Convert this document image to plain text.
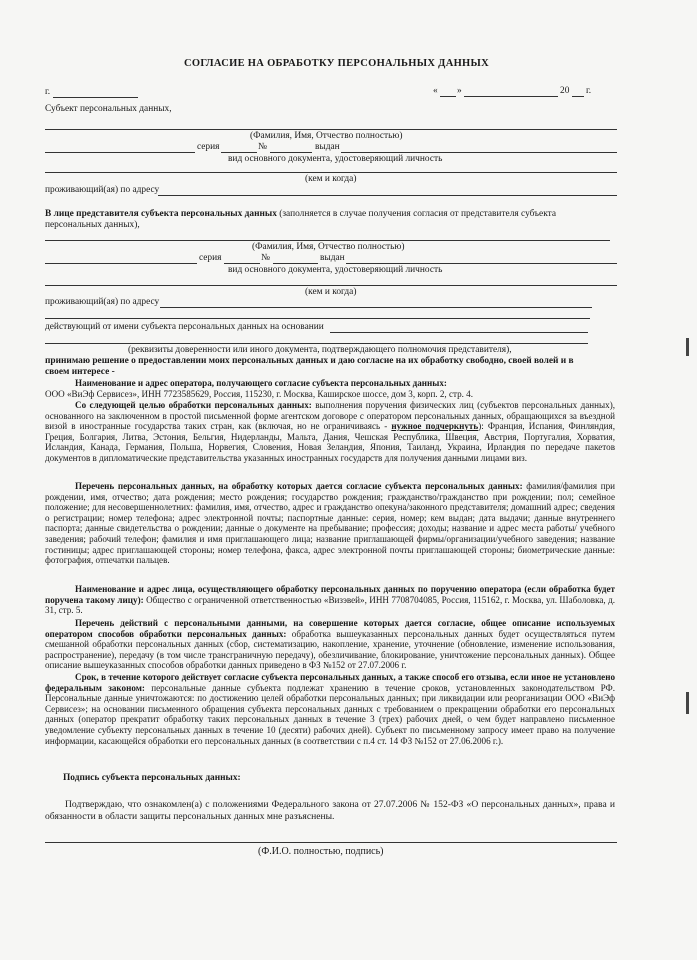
СОГЛАСИЕ НА ОБРАБОТКУ ПЕРСОНАЛЬНЫХ ДАННЫХ
г.	« »	20 г.
Субъект персональных данных,
(Фамилия, Имя, Отчество полностью)
серия	№	выдан
вид основного документа, удостоверяющий личность
(кем и когда)
проживающий(ая) по адресу
В лице представителя субъекта персональных данных (заполняется в случае получения согласия от представителя субъекта
персональных данных),
(Фамилия, Имя, Отчество полностью)
серия	№	выдан
вид основного документа, удостоверяющий личность
(кем и когда)
проживающий(ая) по адресу
действующий от имени субъекта персональных данных на основании
(реквизиты доверенности или иного документа, подтверждающего полномочия представителя),
принимаю решение о предоставлении моих персональных данных и даю согласие на их обработку свободно, своей волей и в
своем интересе -
Наименование и адрес оператора, получающего согласие субъекта персональных данных:
ООО «ВиЭф Сервисез», ИНН 7723585629, Россия, 115230, г. Москва, Каширское шоссе, дом 3, корп. 2, стр. 4.
Со следующей целью обработки персональных данных: выполнения поручения физических лиц (субъектов персональных данных), основанного на заключенном в простой письменной форме агентском договоре с оператором персональных данных, обращающихся за въездной визой в иностранные государства таких стран, как (включая, но не ограничиваясь - нужное подчеркнуть): Франция, Испания, Финляндия, Греция, Болгария, Литва, Эстония, Бельгия, Нидерланды, Мальта, Дания, Чешская Республика, Швеция, Австрия, Португалия, Хорватия, Исландия, Канада, Германия, Польша, Норвегия, Словения, Новая Зеландия, Япония, Таиланд, Украина, Ирландия по передаче пакетов документов в дипломатические представительства указанных иностранных государств для получения данными лицами виз.
Перечень персональных данных, на обработку которых дается согласие субъекта персональных данных: фамилия/фамилия при рождении, имя, отчество; дата рождения; место рождения; государство рождения; гражданство/гражданство при рождении; пол; семейное положение; для несовершеннолетних: фамилия, имя, отчество, адрес и гражданство опекуна/законного представителя; домашний адрес; сведения о регистрации; номер телефона; адрес электронной почты; паспортные данные: серия, номер; кем выдан; дата выдачи; данные внутреннего паспорта; данные свидетельства о рождении; данные о документе на пребывание; профессия; доходы; название и адрес места работы/ учебного заведения; рабочий телефон; фамилия и имя приглашающего лица; название приглашающей фирмы/организации/учебного заведения; название гостиницы; адрес приглашающей стороны; номер телефона, факса, адрес электронной почты приглашающей стороны; биометрические данные: фотография, отпечатки пальцев.
Наименование и адрес лица, осуществляющего обработку персональных данных по поручению оператора (если обработка будет поручена такому лицу): Общество с ограниченной ответственностью «Визэвей», ИНН 7708704085, Россия, 115162, г. Москва, ул. Шаболовка, д. 31, стр. 5.
Перечень действий с персональными данными, на совершение которых дается согласие, общее описание используемых оператором способов обработки персональных данных: обработка вышеуказанных персональных данных будет осуществляться путем смешанной обработки персональных данных (сбор, систематизацию, накопление, хранение, уточнение (обновление, изменение использования, распространение), передачу (в том числе трансграничную передачу), обезличивание, блокирование, уничтожение персональных данных). Общее описание вышеуказанных способов обработки данных приведено в ФЗ №152 от 27.07.2006 г.
Срок, в течение которого действует согласие субъекта персональных данных, а также способ его отзыва, если иное не установлено федеральным законом: персональные данные субъекта подлежат хранению в течение сроков, установленных законодательством РФ. Персональные данные уничтожаются: по достижению целей обработки персональных данных; при ликвидации или реорганизации ООО «ВиЭф Сервисез»; на основании письменного обращения субъекта персональных данных с требованием о прекращении обработки его персональных данных (оператор прекратит обработку таких персональных данных в течение 3 (трех) рабочих дней, о чем будет направлено письменное уведомление субъекту персональных данных в течение 10 (десяти) рабочих дней). Субъект по письменному запросу имеет право на получение информации, касающейся обработки его персональных данных (в соответствии с п.4 ст. 14 ФЗ №152 от 27.06.2006 г.).
Подпись субъекта персональных данных:
Подтверждаю, что ознакомлен(а) с положениями Федерального закона от 27.07.2006 № 152-ФЗ «О персональных данных», права и обязанности в области защиты персональных данных мне разъяснены.
(Ф.И.О. полностью, подпись)
